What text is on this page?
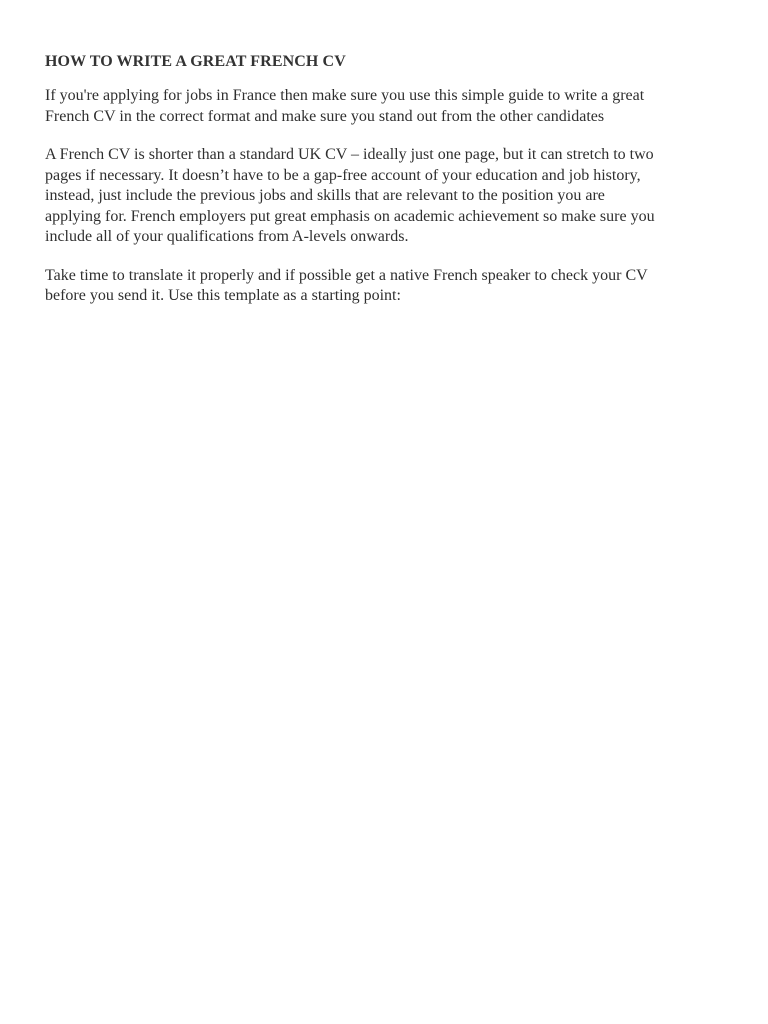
HOW TO WRITE A GREAT FRENCH CV

If you're applying for jobs in France then make sure you use this simple guide to write a great
French CV in the correct format and make sure you stand out from the other candidates

A French CV is shorter than a standard UK CV – ideally just one page, but it can stretch to two
pages if necessary. It doesn’t have to be a gap-free account of your education and job history,
instead, just include the previous jobs and skills that are relevant to the position you are
applying for. French employers put great emphasis on academic achievement so make sure you
include all of your qualifications from A-levels onwards.

Take time to translate it properly and if possible get a native French speaker to check your CV
before you send it. Use this template as a starting point:
